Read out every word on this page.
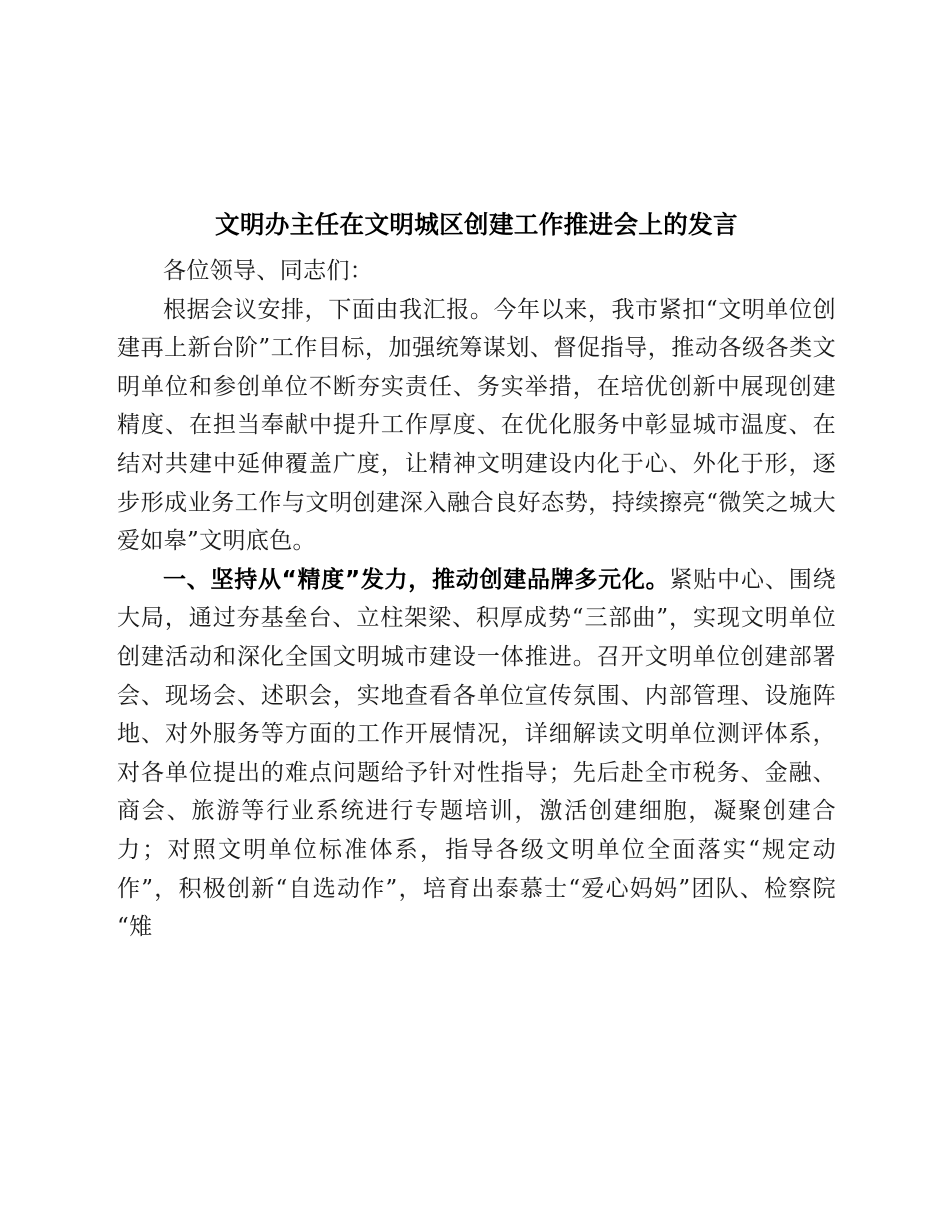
文明办主任在文明城区创建工作推进会上的发言

各位领导、同志们：

根据会议安排，下面由我汇报。今年以来，我市紧扣“文明单位创建再上新台阶”工作目标，加强统筹谋划、督促指导，推动各级各类文明单位和参创单位不断夯实责任、务实举措，在培优创新中展现创建精度、在担当奉献中提升工作厚度、在优化服务中彰显城市温度、在结对共建中延伸覆盖广度，让精神文明建设内化于心、外化于形，逐步形成业务工作与文明创建深入融合良好态势，持续擦亮“微笑之城大爱如皋”文明底色。

一、坚持从“精度”发力，推动创建品牌多元化。紧贴中心、围绕大局，通过夯基垒台、立柱架梁、积厚成势“三部曲”，实现文明单位创建活动和深化全国文明城市建设一体推进。召开文明单位创建部署会、现场会、述职会，实地查看各单位宣传氛围、内部管理、设施阵地、对外服务等方面的工作开展情况，详细解读文明单位测评体系，对各单位提出的难点问题给予针对性指导；先后赴全市税务、金融、商会、旅游等行业系统进行专题培训，激活创建细胞，凝聚创建合力；对照文明单位标准体系，指导各级文明单位全面落实“规定动作”，积极创新“自选动作”，培育出泰慕士“爱心妈妈”团队、检察院“雉
